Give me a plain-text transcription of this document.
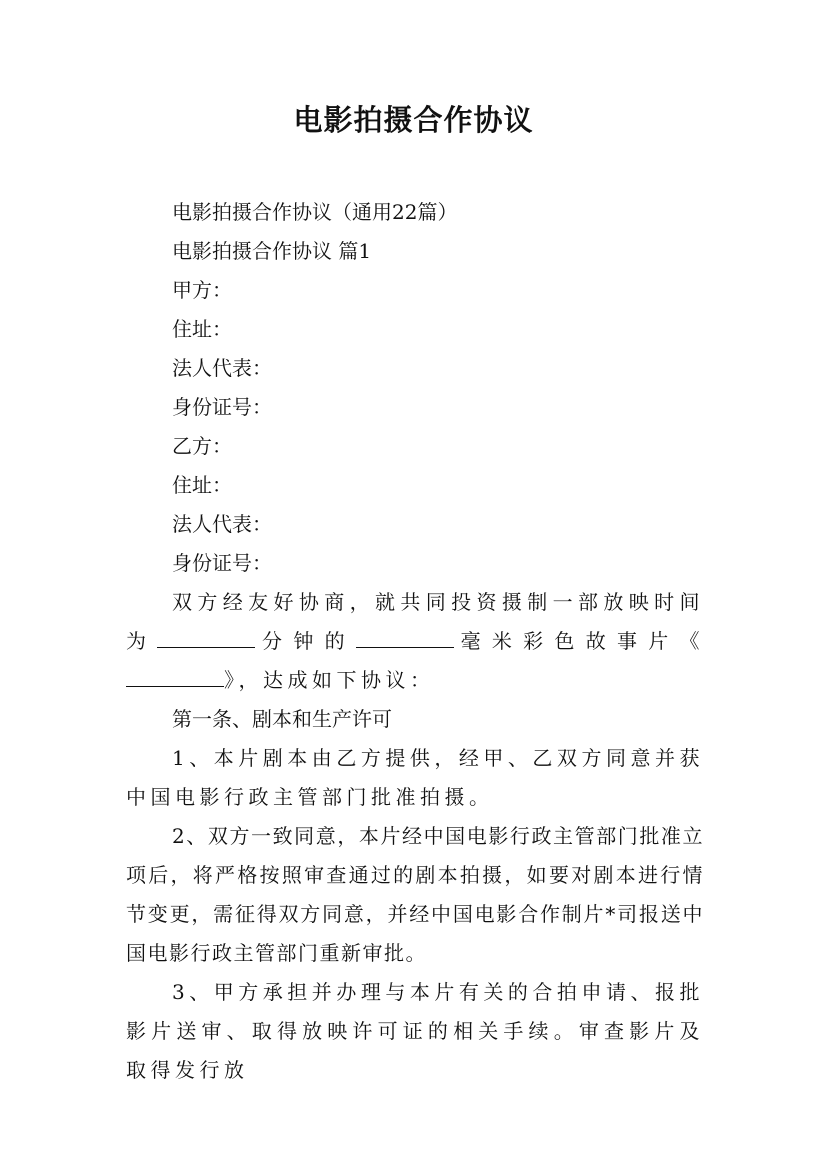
电影拍摄合作协议
电影拍摄合作协议（通用22篇）
电影拍摄合作协议 篇1
甲方：
住址：
法人代表：
身份证号：
乙方：
住址：
法人代表：
身份证号：
双方经友好协商，就共同投资摄制一部放映时间为	分钟的	毫米彩色故事片《》，达成如下协议：
第一条、剧本和生产许可
1、本片剧本由乙方提供，经甲、乙双方同意并获中国电影行政主管部门批准拍摄。
2、双方一致同意，本片经中国电影行政主管部门批准立项后，将严格按照审查通过的剧本拍摄，如要对剧本进行情节变更，需征得双方同意，并经中国电影合作制片*司报送中国电影行政主管部门重新审批。
3、甲方承担并办理与本片有关的合拍申请、报批影片送审、取得放映许可证的相关手续。审查影片及取得发行放
